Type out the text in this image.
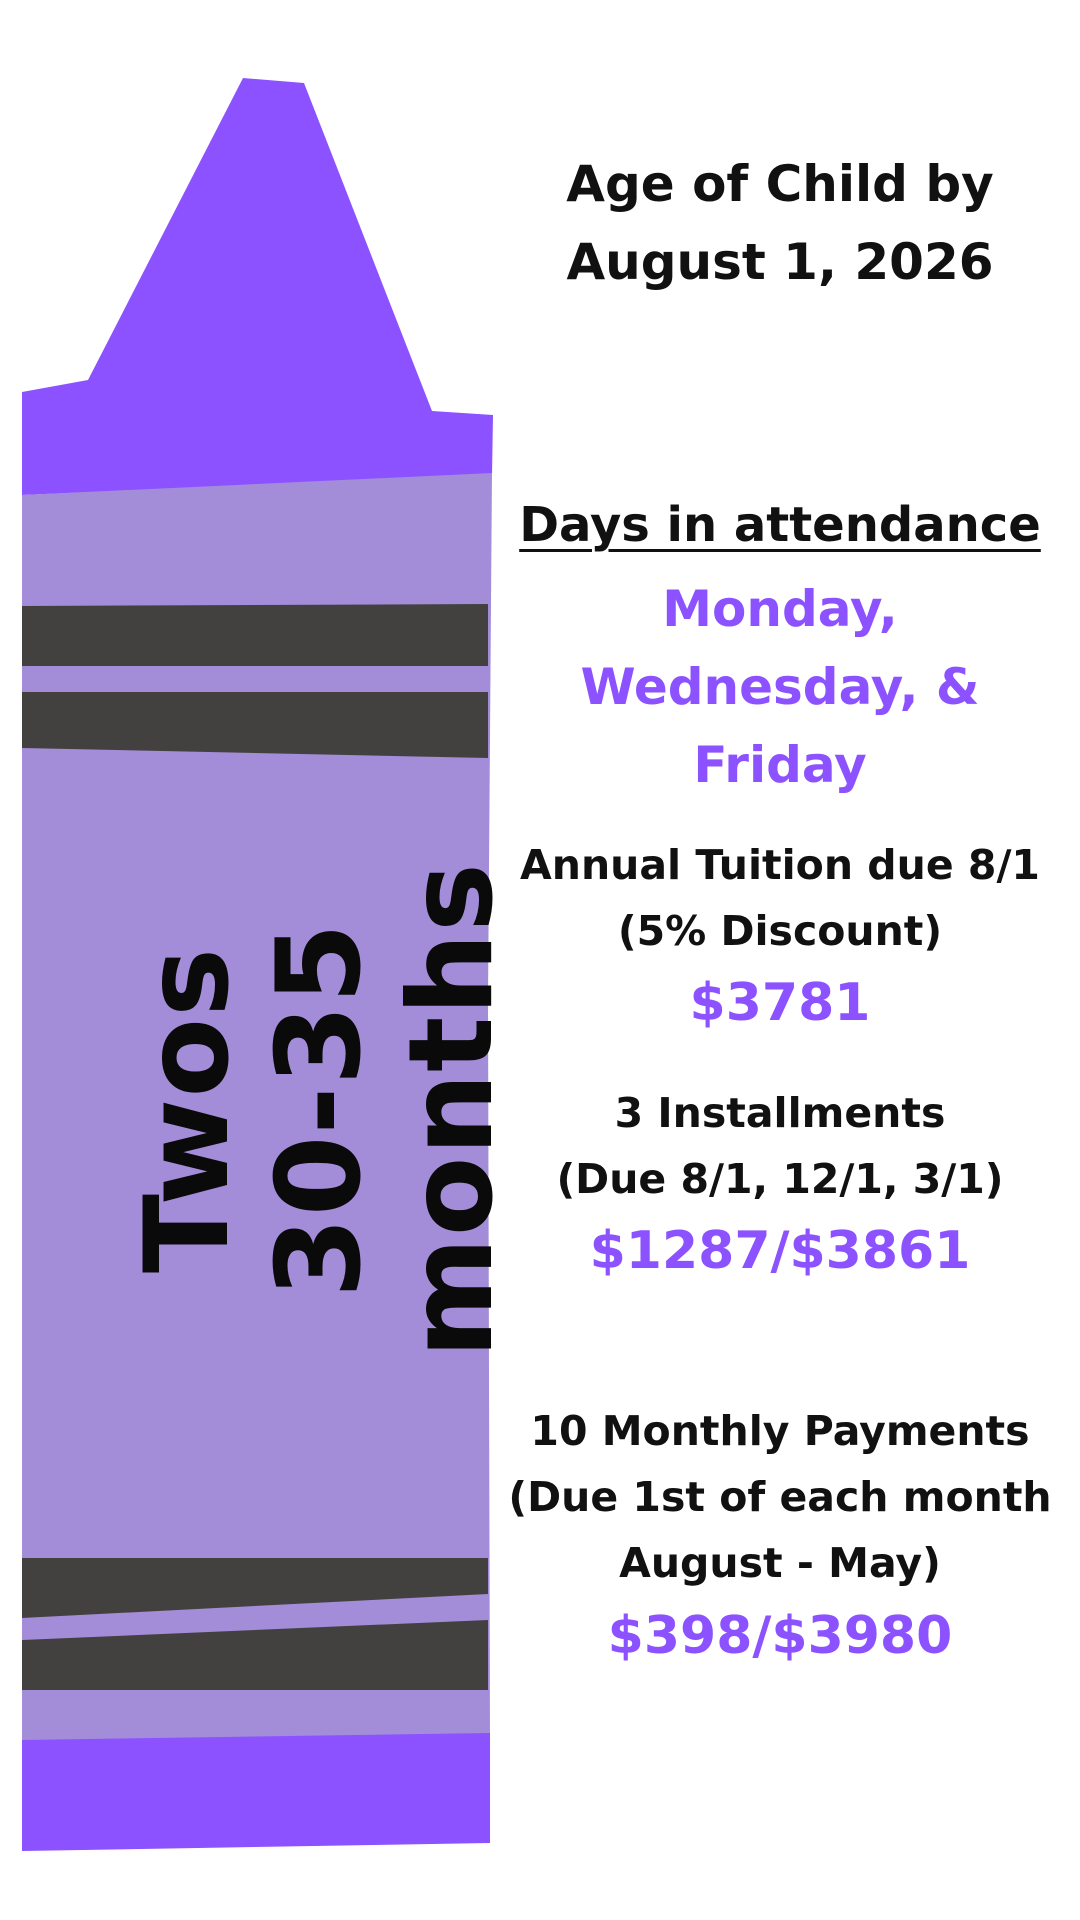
Twos
30-35
months
Age of Child by
August 1, 2026
Days in attendance
Monday,
Wednesday, &
Friday
Annual Tuition due 8/1
(5% Discount)
$3781
3 Installments
(Due 8/1, 12/1, 3/1)
$1287/$3861
10 Monthly Payments
(Due 1st of each month
August - May)
$398/$3980
